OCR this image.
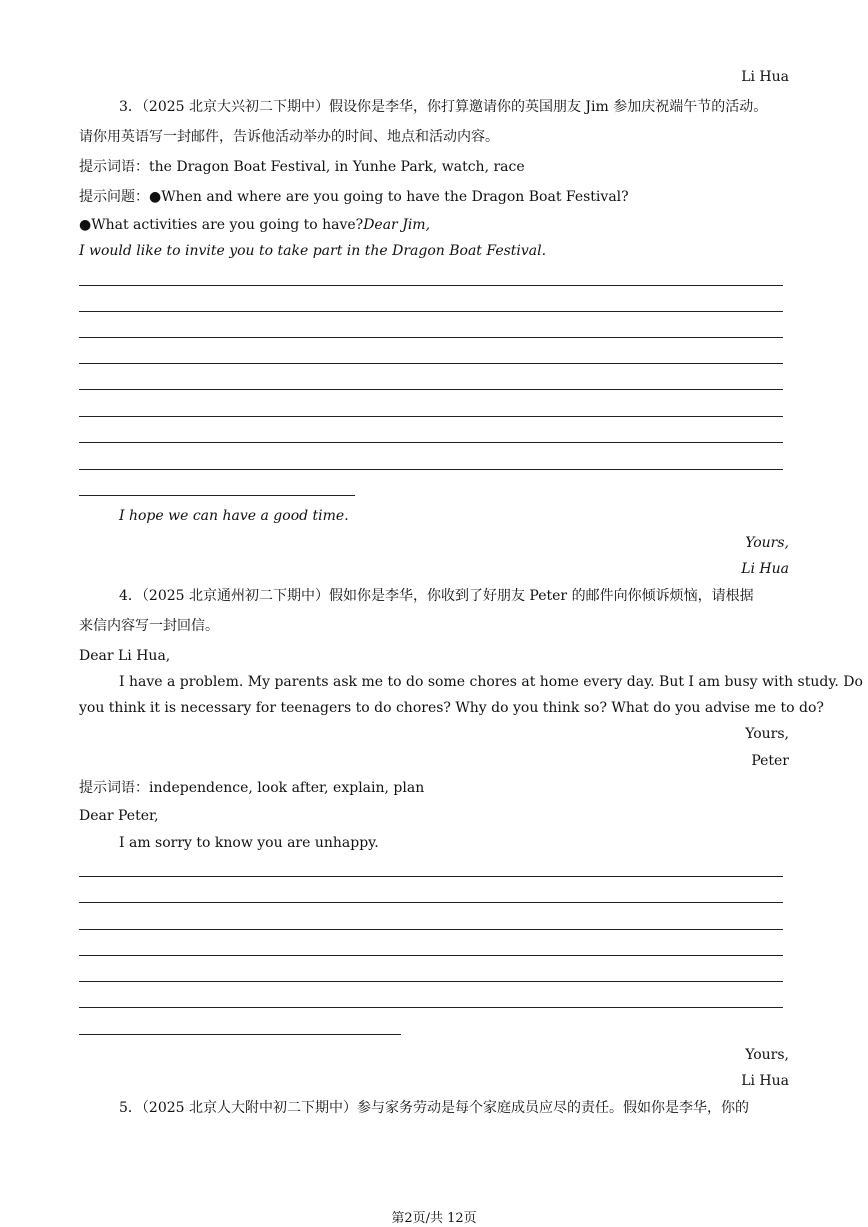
Li Hua
3．（2025 北京大兴初二下期中）假设你是李华，你打算邀请你的英国朋友 Jim 参加庆祝端午节的活动。
请你用英语写一封邮件，告诉他活动举办的时间、地点和活动内容。
提示词语：the Dragon Boat Festival, in Yunhe Park, watch, race
提示问题：●When and where are you going to have the Dragon Boat Festival?
●What activities are you going to have?Dear Jim,
I would like to invite you to take part in the Dragon Boat Festival.
I hope we can have a good time.
Yours,
Li Hua
4．（2025 北京通州初二下期中）假如你是李华，你收到了好朋友 Peter 的邮件向你倾诉烦恼，请根据
来信内容写一封回信。
Dear Li Hua,
I have a problem. My parents ask me to do some chores at home every day. But I am busy with study. Do
you think it is necessary for teenagers to do chores? Why do you think so? What do you advise me to do?
Yours,
Peter
提示词语：independence, look after, explain, plan
Dear Peter,
I am sorry to know you are unhappy.
Yours,
Li Hua
5．（2025 北京人大附中初二下期中）参与家务劳动是每个家庭成员应尽的责任。假如你是李华，你的
第2页/共 12页
